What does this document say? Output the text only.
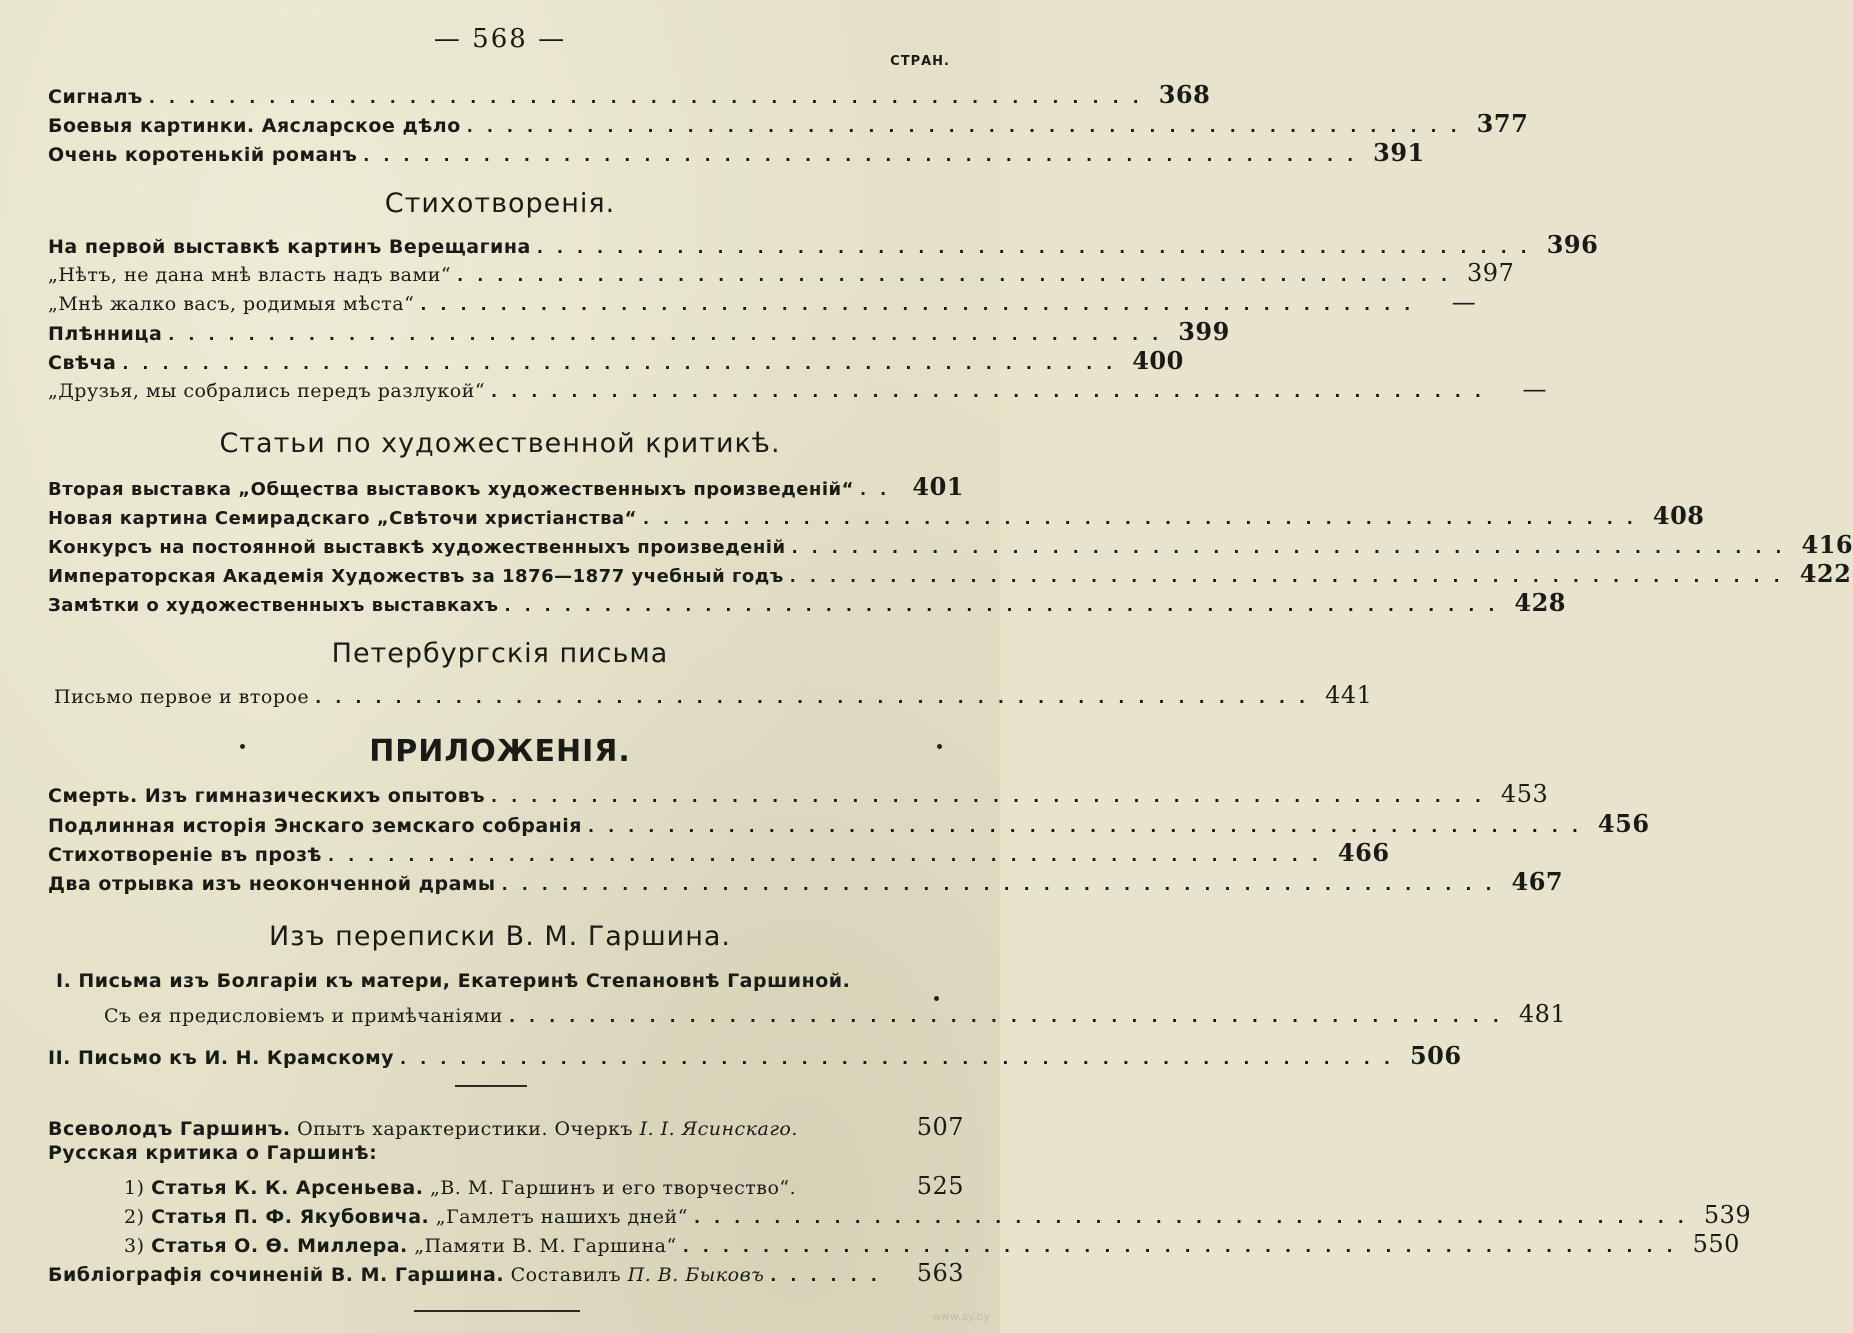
— 568 —
СТРАН.
Сигналъ .................................................. 368
Боевыя картинки. Аясларское дѣло .................................................. 377
Очень коротенькій романъ .................................................. 391
Стихотворенія.
На первой выставкѣ картинъ Верещагина .................................................. 396
„Нѣтъ, не дана мнѣ власть надъ вами“ .................................................. 397
„Мнѣ жалко васъ, родимыя мѣста“ ..................................................	—
Плѣнница .................................................. 399
Свѣча .................................................. 400
„Друзья, мы собрались передъ разлукой“ ..................................................	—
Статьи по художественной критикѣ.
Вторая выставка „Общества выставокъ художественныхъ произведеній“ .. 401
Новая картина Семирадскаго „Свѣточи христіанства“ .................................................. 408
Конкурсъ на постоянной выставкѣ художественныхъ произведеній .................................................. 416
Императорская Академія Художествъ за 1876—1877 учебный годъ .................................................. 422
Замѣтки о художественныхъ выставкахъ .................................................. 428
Петербургскія письма
Письмо первое и второе .................................................. 441
ПРИЛОЖЕНІЯ.
Смерть. Изъ гимназическихъ опытовъ .................................................. 453
Подлинная исторія Энскаго земскаго собранія .................................................. 456
Стихотвореніе въ прозѣ .................................................. 466
Два отрывка изъ неоконченной драмы .................................................. 467
Изъ переписки В. М. Гаршина.
I. Письма изъ Болгаріи къ матери, Екатеринѣ Степановнѣ Гаршиной.
Съ ея предисловіемъ и примѣчаніями .................................................. 481
II. Письмо къ И. Н. Крамскому .................................................. 506
Всеволодъ Гаршинъ. Опытъ характеристики. Очеркъ I. I. Ясинскаго.	507
Русская критика о Гаршинѣ:
1) Статья К. К. Арсеньева. „В. М. Гаршинъ и его творчество“.	525
2) Статья П. Ф. Якубовича. „Гамлетъ нашихъ дней“ .................................................. 539
3) Статья О. Ѳ. Миллера. „Памяти В. М. Гаршина“ .................................................. 550
Библіографія сочиненій В. М. Гаршина. Составилъ П. В. Быковъ ......	563
www.ay.by
